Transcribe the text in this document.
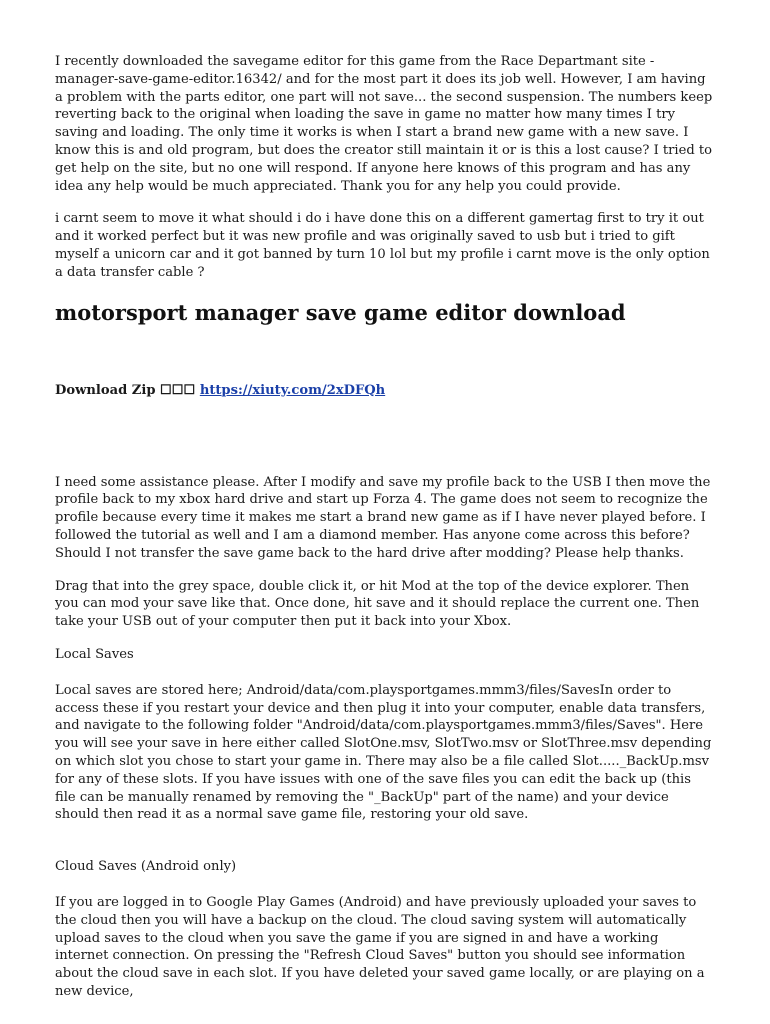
I recently downloaded the savegame editor for this game from the Race Departmant site -manager-save-game-editor.16342/ and for the most part it does its job well. However, I am having a problem with the parts editor, one part will not save... the second suspension. The numbers keep reverting back to the original when loading the save in game no matter how many times I try saving and loading. The only time it works is when I start a brand new game with a new save. I know this is and old program, but does the creator still maintain it or is this a lost cause? I tried to get help on the site, but no one will respond. If anyone here knows of this program and has any idea any help would be much appreciated. Thank you for any help you could provide.

i carnt seem to move it what should i do i have done this on a different gamertag first to try it out and it worked perfect but it was new profile and was originally saved to usb but i tried to gift myself a unicorn car and it got banned by turn 10 lol but my profile i carnt move is the only option a data transfer cable ?

motorsport manager save game editor download
Download Zip ☐☐☐ https://xiuty.com/2xDFQh

I need some assistance please. After I modify and save my profile back to the USB I then move the profile back to my xbox hard drive and start up Forza 4. The game does not seem to recognize the profile because every time it makes me start a brand new game as if I have never played before. I followed the tutorial as well and I am a diamond member. Has anyone come across this before? Should I not transfer the save game back to the hard drive after modding? Please help thanks.

Drag that into the grey space, double click it, or hit Mod at the top of the device explorer. Then you can mod your save like that. Once done, hit save and it should replace the current one. Then take your USB out of your computer then put it back into your Xbox.

Local Saves

Local saves are stored here; Android/data/com.playsportgames.mmm3/files/SavesIn order to access these if you restart your device and then plug it into your computer, enable data transfers, and navigate to the following folder "Android/data/com.playsportgames.mmm3/files/Saves". Here you will see your save in here either called SlotOne.msv, SlotTwo.msv or SlotThree.msv depending on which slot you chose to start your game in. There may also be a file called Slot....._BackUp.msv for any of these slots. If you have issues with one of the save files you can edit the back up (this file can be manually renamed by removing the "_BackUp" part of the name) and your device should then read it as a normal save game file, restoring your old save.

Cloud Saves (Android only)

If you are logged in to Google Play Games (Android) and have previously uploaded your saves to the cloud then you will have a backup on the cloud. The cloud saving system will automatically upload saves to the cloud when you save the game if you are signed in and have a working internet connection. On pressing the "Refresh Cloud Saves" button you should see information about the cloud save in each slot. If you have deleted your saved game locally, or are playing on a new device,
